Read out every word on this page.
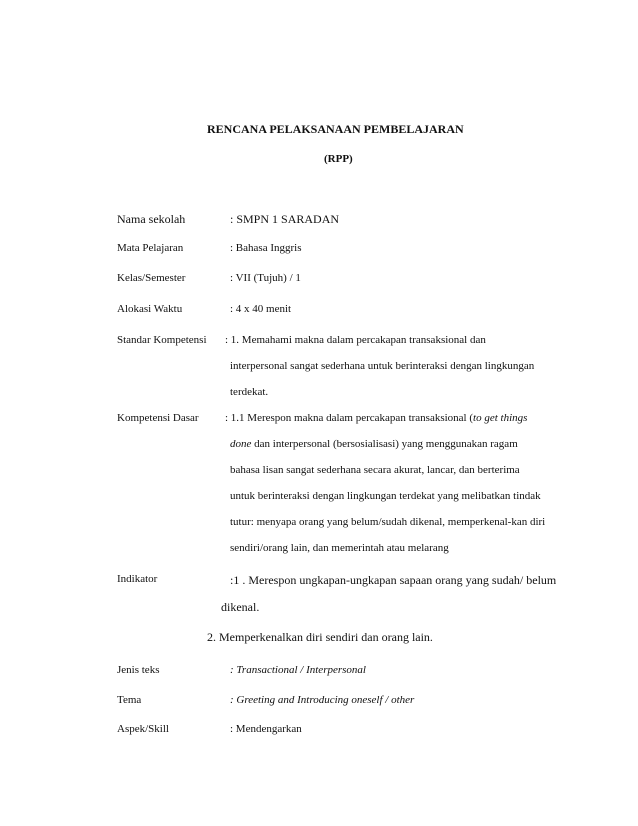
RENCANA PELAKSANAAN PEMBELAJARAN
(RPP)
Nama sekolah	: SMPN 1 SARADAN
Mata Pelajaran	: Bahasa Inggris
Kelas/Semester	: VII (Tujuh) / 1
Alokasi Waktu	: 4 x 40 menit
Standar Kompetensi : 1. Memahami makna dalam percakapan transaksional dan
interpersonal sangat sederhana untuk berinteraksi dengan lingkungan
terdekat.
Kompetensi Dasar : 1.1 Merespon makna dalam percakapan transaksional (to get things
done dan interpersonal (bersosialisasi) yang menggunakan ragam
bahasa lisan sangat sederhana secara akurat, lancar, dan berterima
untuk berinteraksi dengan lingkungan terdekat yang melibatkan tindak
tutur: menyapa orang yang belum/sudah dikenal, memperkenal-kan diri
sendiri/orang lain, dan memerintah atau melarang
Indikator	:1 . Merespon ungkapan-ungkapan sapaan orang yang sudah/ belum
dikenal.
2. Memperkenalkan diri sendiri dan orang lain.
Jenis teks	: Transactional / Interpersonal
Tema	: Greeting and Introducing oneself / other
Aspek/Skill	: Mendengarkan
